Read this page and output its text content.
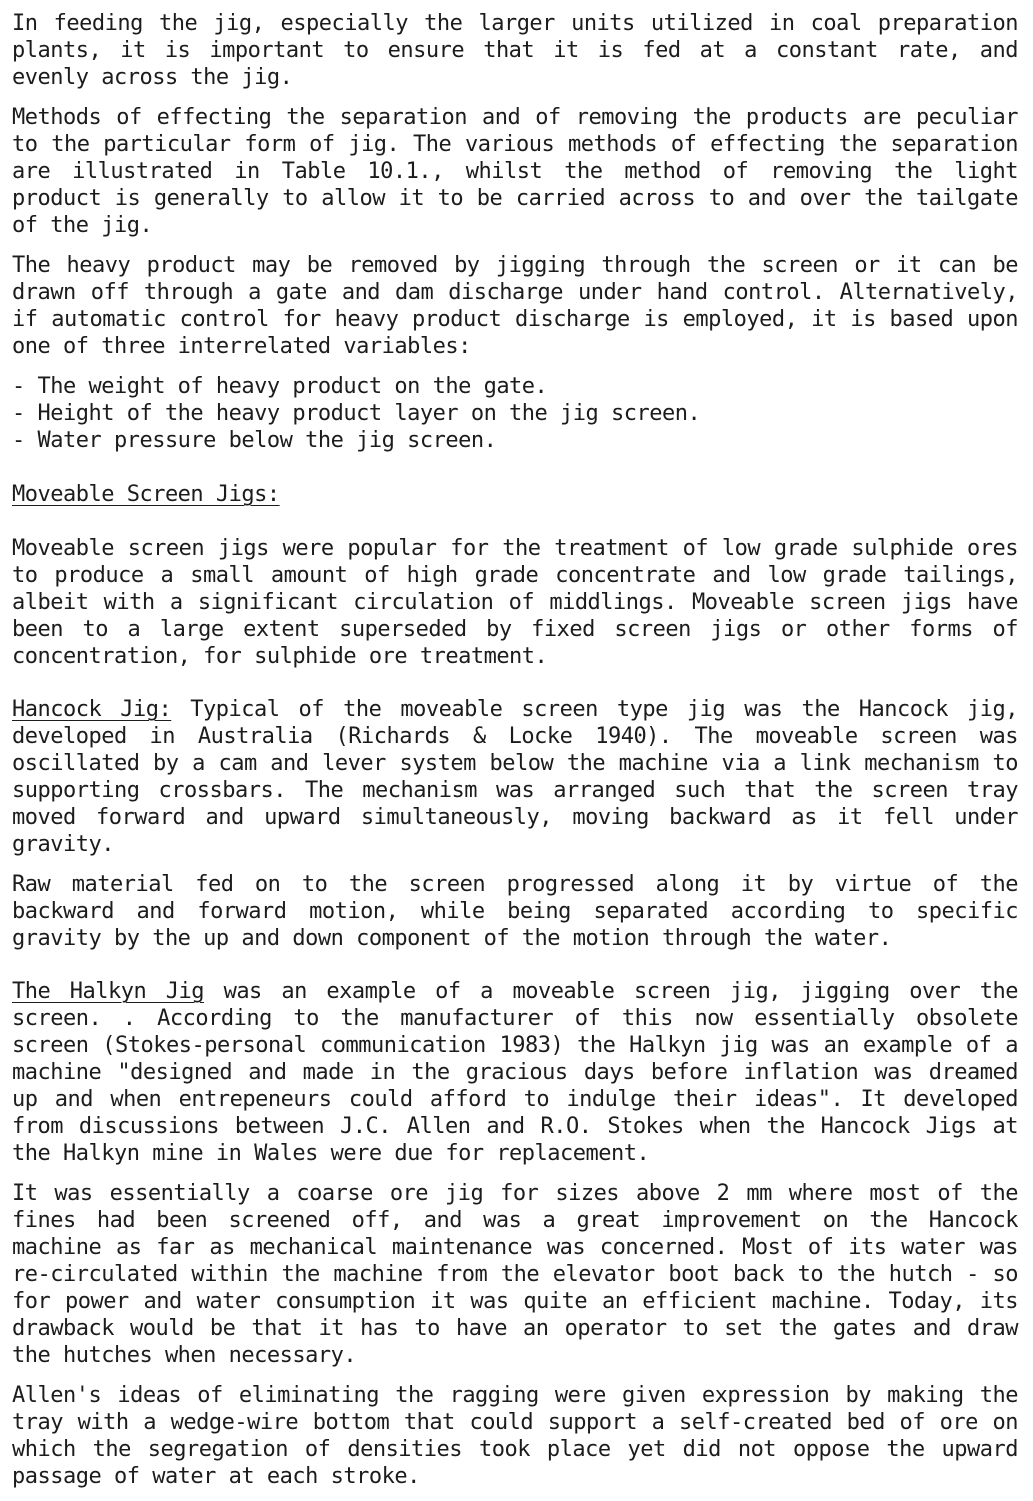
In feeding the jig, especially the larger units utilized in coal preparation plants, it is important to ensure that it is fed at a constant rate, and evenly across the jig.

Methods of effecting the separation and of removing the products are peculiar to the particular form of jig. The various methods of effecting the separation are illustrated in Table 10.1., whilst the method of removing the light product is generally to allow it to be carried across to and over the tailgate of the jig.

The heavy product may be removed by jigging through the screen or it can be drawn off through a gate and dam discharge under hand control. Alternatively, if automatic control for heavy product discharge is employed, it is based upon one of three interrelated variables:

- The weight of heavy product on the gate.
- Height of the heavy product layer on the jig screen.
- Water pressure below the jig screen.
Moveable Screen Jigs:

Moveable screen jigs were popular for the treatment of low grade sulphide ores to produce a small amount of high grade concentrate and low grade tailings, albeit with a significant circulation of middlings. Moveable screen jigs have been to a large extent superseded by fixed screen jigs or other forms of concentration, for sulphide ore treatment.

Hancock Jig: Typical of the moveable screen type jig was the Hancock jig, developed in Australia (Richards & Locke 1940). The moveable screen was oscillated by a cam and lever system below the machine via a link mechanism to supporting crossbars. The mechanism was arranged such that the screen tray moved forward and upward simultaneously, moving backward as it fell under gravity.

Raw material fed on to the screen progressed along it by virtue of the backward and forward motion, while being separated according to specific gravity by the up and down component of the motion through the water.

The Halkyn Jig was an example of a moveable screen jig, jigging over the screen. . According to the manufacturer of this now essentially obsolete screen (Stokes-personal communication 1983) the Halkyn jig was an example of a machine "designed and made in the gracious days before inflation was dreamed up and when entrepeneurs could afford to indulge their ideas". It developed from discussions between J.C. Allen and R.O. Stokes when the Hancock Jigs at the Halkyn mine in Wales were due for replacement.

It was essentially a coarse ore jig for sizes above 2 mm where most of the fines had been screened off, and was a great improvement on the Hancock machine as far as mechanical maintenance was concerned. Most of its water was re-circulated within the machine from the elevator boot back to the hutch - so for power and water consumption it was quite an efficient machine. Today, its drawback would be that it has to have an operator to set the gates and draw the hutches when necessary.

Allen's ideas of eliminating the ragging were given expression by making the tray with a wedge-wire bottom that could support a self-created bed of ore on which the segregation of densities took place yet did not oppose the upward passage of water at each stroke.
